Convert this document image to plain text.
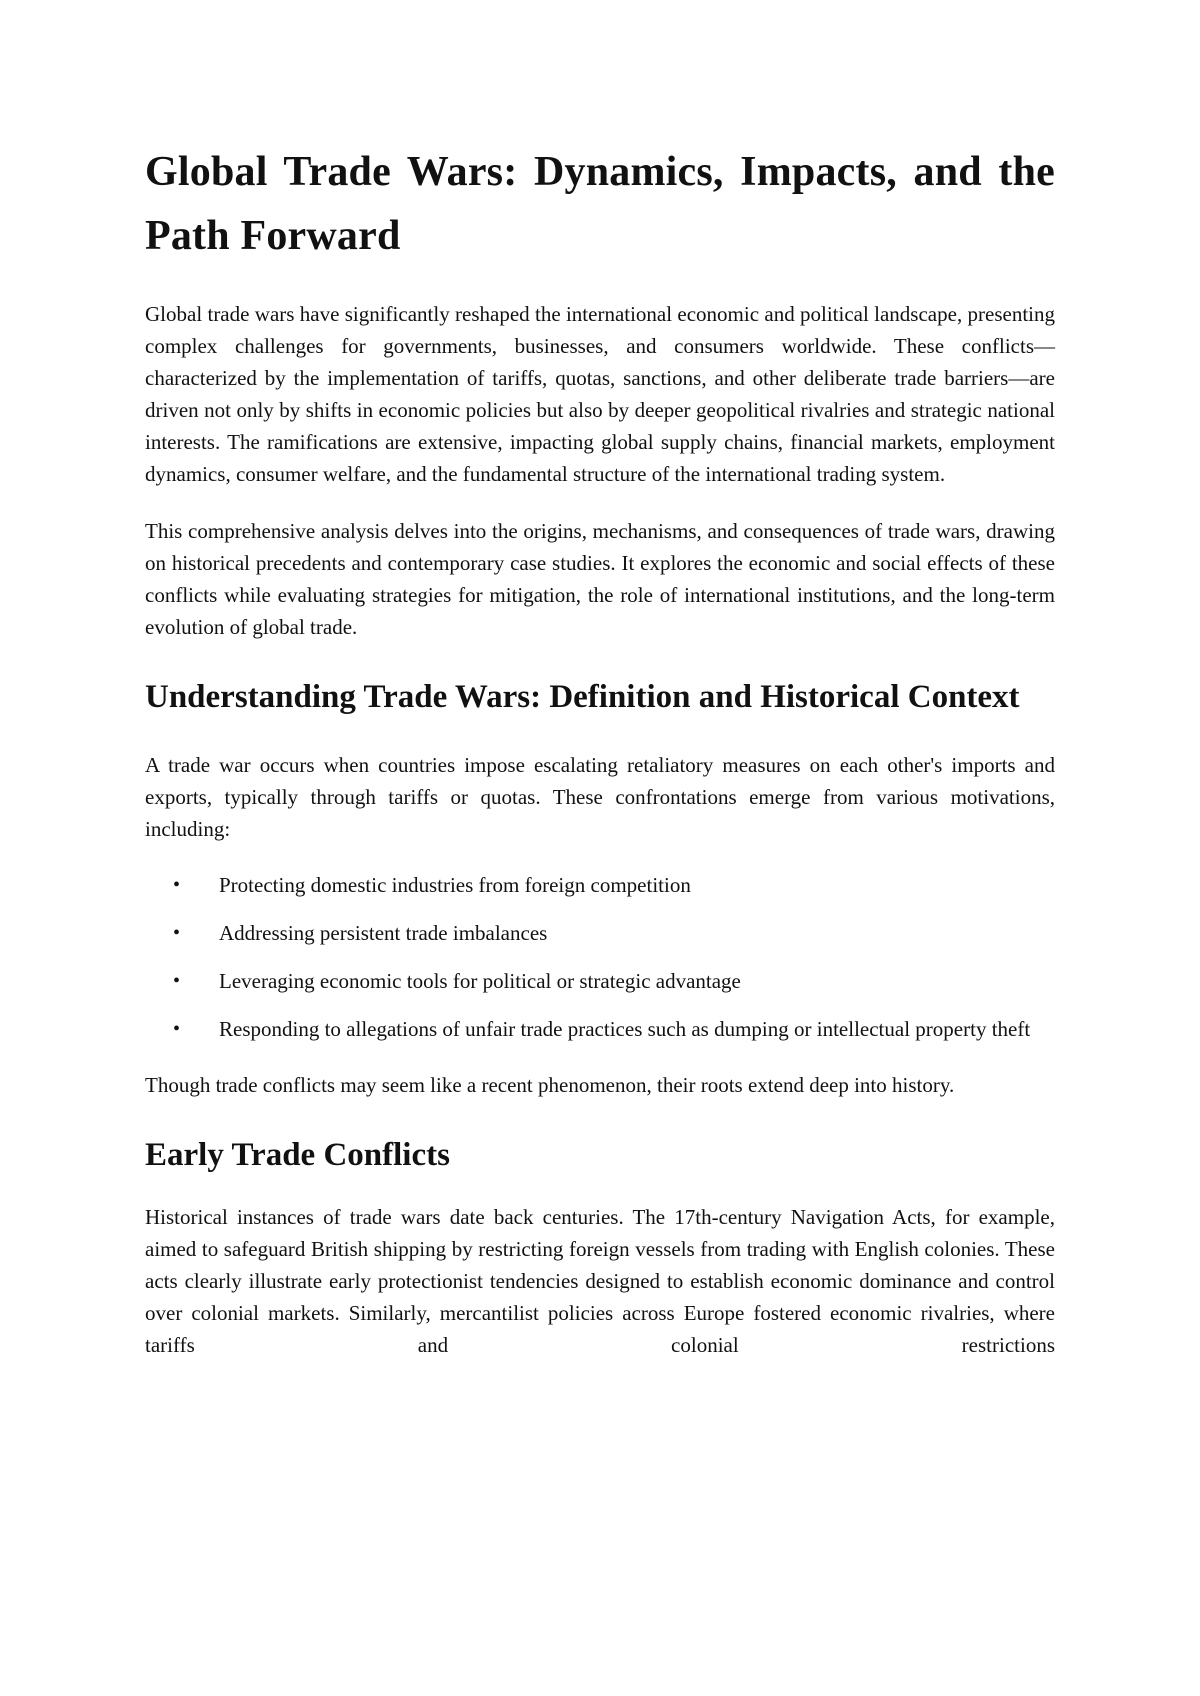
Global Trade Wars: Dynamics, Impacts, and the Path Forward

Global trade wars have significantly reshaped the international economic and political landscape, presenting complex challenges for governments, businesses, and consumers worldwide. These conflicts—characterized by the implementation of tariffs, quotas, sanctions, and other deliberate trade barriers—are driven not only by shifts in economic policies but also by deeper geopolitical rivalries and strategic national interests. The ramifications are extensive, impacting global supply chains, financial markets, employment dynamics, consumer welfare, and the fundamental structure of the international trading system.

This comprehensive analysis delves into the origins, mechanisms, and consequences of trade wars, drawing on historical precedents and contemporary case studies. It explores the economic and social effects of these conflicts while evaluating strategies for mitigation, the role of international institutions, and the long-term evolution of global trade.

Understanding Trade Wars: Definition and Historical Context

A trade war occurs when countries impose escalating retaliatory measures on each other's imports and exports, typically through tariffs or quotas. These confrontations emerge from various motivations, including:

•	Protecting domestic industries from foreign competition
•	Addressing persistent trade imbalances
•	Leveraging economic tools for political or strategic advantage
•	Responding to allegations of unfair trade practices such as dumping or intellectual property theft

Though trade conflicts may seem like a recent phenomenon, their roots extend deep into history.

Early Trade Conflicts

Historical instances of trade wars date back centuries. The 17th-century Navigation Acts, for example, aimed to safeguard British shipping by restricting foreign vessels from trading with English colonies. These acts clearly illustrate early protectionist tendencies designed to establish economic dominance and control over colonial markets. Similarly, mercantilist policies across Europe fostered economic rivalries, where tariffs and colonial restrictions
